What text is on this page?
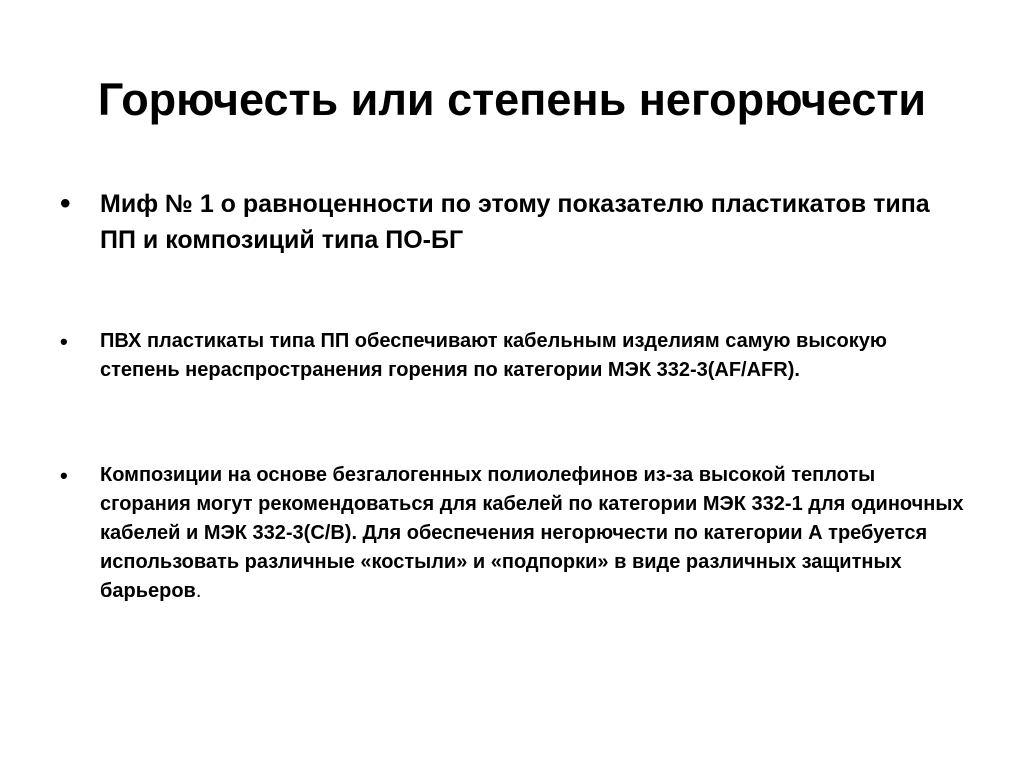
Горючесть или степень негорючести
•	Миф № 1 о равноценности по этому показателю пластикатов типа ПП и композиций типа ПО-БГ
•	ПВХ пластикаты типа ПП обеспечивают кабельным изделиям самую высокую степень нераспространения горения по категории МЭК 332-3(AF/AFR).
•	Композиции на основе безгалогенных полиолефинов из-за высокой теплоты сгорания могут рекомендоваться для кабелей по категории МЭК 332-1 для одиночных кабелей и МЭК 332-3(С/В). Для обеспечения негорючести по категории А требуется использовать различные «костыли» и «подпорки» в виде различных защитных барьеров.
